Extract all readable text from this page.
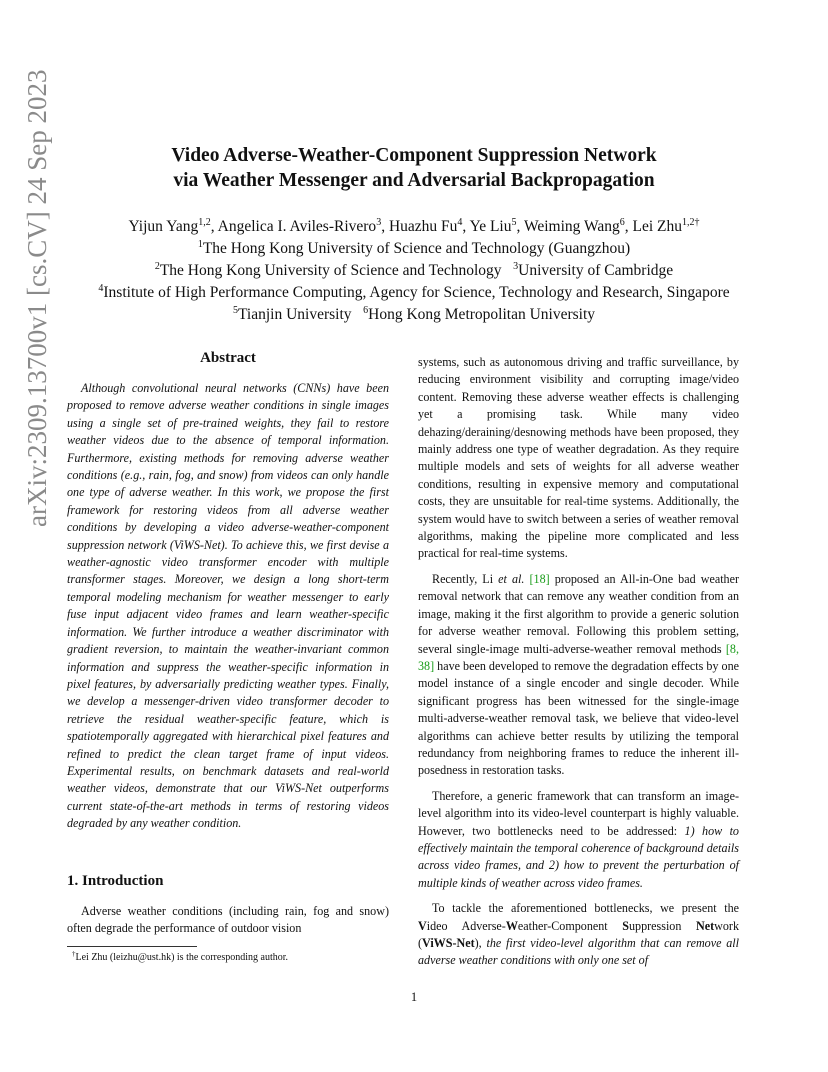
arXiv:2309.13700v1 [cs.CV] 24 Sep 2023	Video Adverse-Weather-Component Suppression Network
via Weather Messenger and Adversarial Backpropagation
Yijun Yang$^{1,2}$, Angelica I. Aviles-Rivero$^3$, Huazhu Fu$^4$, Ye Liu$^5$, Weiming Wang$^6$, Lei Zhu$^{1,2\dagger}$
$^1$The Hong Kong University of Science and Technology (Guangzhou)
$^2$The Hong Kong University of Science and Technology $^3$University of Cambridge
$^4$Institute of High Performance Computing, Agency for Science, Technology and Research, Singapore
$^5$Tianjin University $^6$Hong Kong Metropolitan University
Abstract

Although convolutional neural networks (CNNs) have been proposed to remove adverse weather conditions in single images using a single set of pre-trained weights, they fail to restore weather videos due to the absence of temporal information. Furthermore, existing methods for removing adverse weather conditions (e.g., rain, fog, and snow) from videos can only handle one type of adverse weather. In this work, we propose the first framework for restoring videos from all adverse weather conditions by developing a video adverse-weather-component suppression network (ViWS-Net). To achieve this, we first devise a weather-agnostic video transformer encoder with multiple transformer stages. Moreover, we design a long short-term temporal modeling mechanism for weather messenger to early fuse input adjacent video frames and learn weather-specific information. We further introduce a weather discriminator with gradient reversion, to maintain the weather-invariant common information and suppress the weather-specific information in pixel features, by adversarially predicting weather types. Finally, we develop a messenger-driven video transformer decoder to retrieve the residual weather-specific feature, which is spatiotemporally aggregated with hierarchical pixel features and refined to predict the clean target frame of input videos. Experimental results, on benchmark datasets and real-world weather videos, demonstrate that our ViWS-Net outperforms current state-of-the-art methods in terms of restoring videos degraded by any weather condition.

1. Introduction

Adverse weather conditions (including rain, fog and snow) often degrade the performance of outdoor vision

†Lei Zhu (leizhu@ust.hk) is the corresponding author.

systems, such as autonomous driving and traffic surveillance, by reducing environment visibility and corrupting image/video content. Removing these adverse weather effects is challenging yet a promising task. While many video dehazing/deraining/desnowing methods have been proposed, they mainly address one type of weather degradation. As they require multiple models and sets of weights for all adverse weather conditions, resulting in expensive memory and computational costs, they are unsuitable for real-time systems. Additionally, the system would have to switch between a series of weather removal algorithms, making the pipeline more complicated and less practical for real-time systems.

Recently, Li et al. [18] proposed an All-in-One bad weather removal network that can remove any weather condition from an image, making it the first algorithm to provide a generic solution for adverse weather removal. Following this problem setting, several single-image multi-adverse-weather removal methods [8, 38] have been developed to remove the degradation effects by one model instance of a single encoder and single decoder. While significant progress has been witnessed for the single-image multi-adverse-weather removal task, we believe that video-level algorithms can achieve better results by utilizing the temporal redundancy from neighboring frames to reduce the inherent ill-posedness in restoration tasks.

Therefore, a generic framework that can transform an image-level algorithm into its video-level counterpart is highly valuable. However, two bottlenecks need to be addressed: 1) how to effectively maintain the temporal coherence of background details across video frames, and 2) how to prevent the perturbation of multiple kinds of weather across video frames.

To tackle the aforementioned bottlenecks, we present the Video Adverse-Weather-Component Suppression Network (ViWS-Net), the first video-level algorithm that can remove all adverse weather conditions with only one set of

1
